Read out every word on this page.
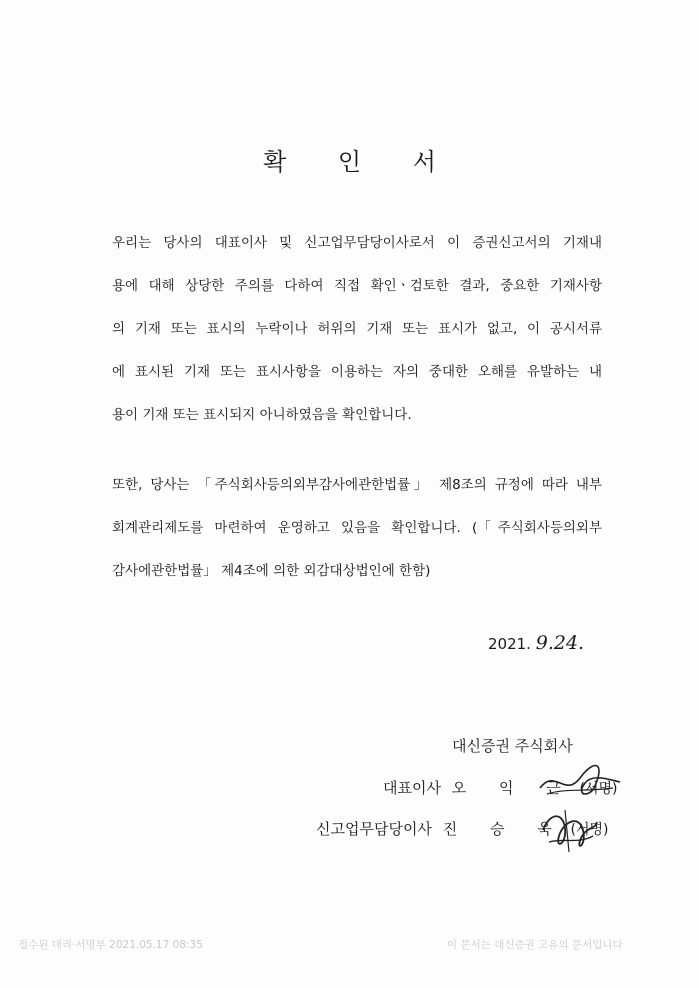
확 인 서
우리는 당사의 대표이사 및 신고업무담당이사로서 이 증권신고서의 기재내
용에 대해 상당한 주의를 다하여 직접 확인ㆍ검토한 결과, 중요한 기재사항
의 기재 또는 표시의 누락이나 허위의 기재 또는 표시가 없고, 이 공시서류
에 표시된 기재 또는 표시사항을 이용하는 자의 중대한 오해를 유발하는 내
용이 기재 또는 표시되지 아니하였음을 확인합니다.
또한, 당사는 「주식회사등의외부감사에관한법률」 제8조의 규정에 따라 내부
회계관리제도를 마련하여 운영하고 있음을 확인합니다. (「주식회사등의외부
감사에관한법률」 제4조에 의한 외감대상법인에 한함)
2021. 9.24.
대신증권 주식회사
대표이사 오 익 근 (서명)
신고업무담당이사 진 승 욱 (서명)
접수된 대리·서명부 2021.05.17 08:35	이 문서는 대신증권 고유의 문서입니다
